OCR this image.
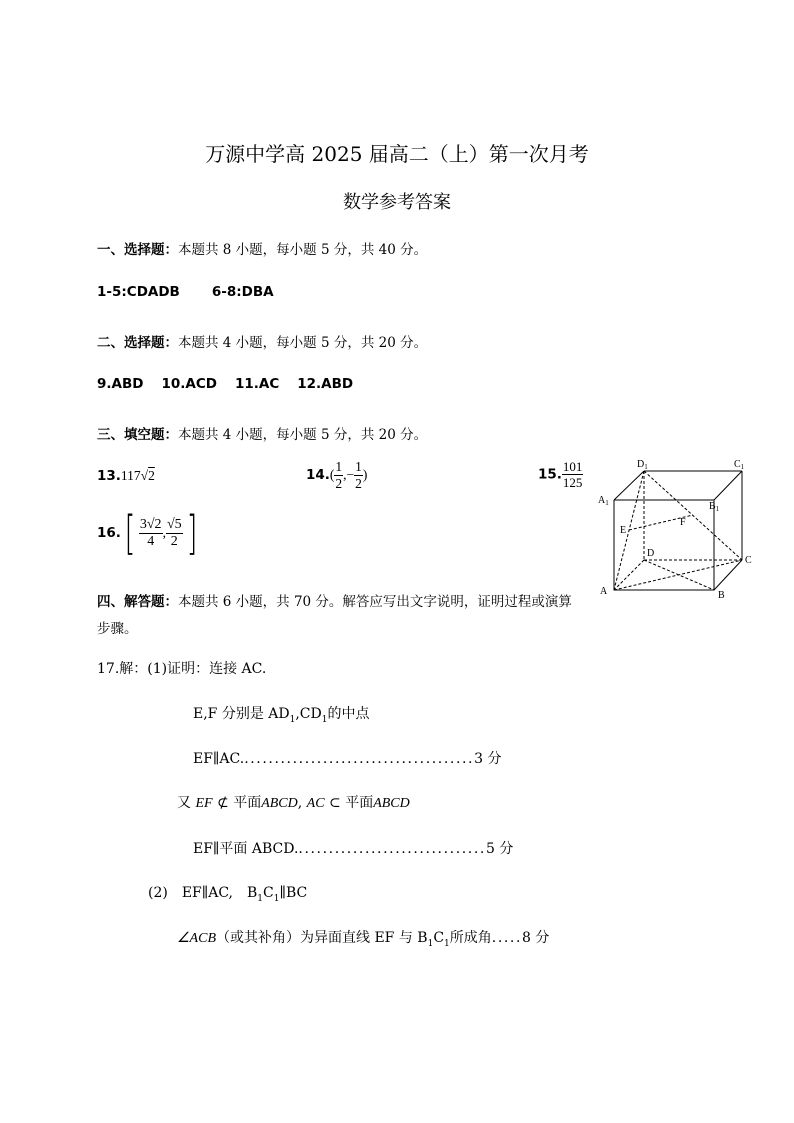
万源中学高 2025 届高二（上）第一次月考
数学参考答案
一、选择题：本题共 8 小题，每小题 5 分，共 40 分。
1-5:CDADB 6-8:DBA
二、选择题：本题共 4 小题，每小题 5 分，共 20 分。
9.ABD 10.ACD 11.AC 12.ABD
三、填空题：本题共 4 小题，每小题 5 分，共 20 分。
13.117√2	$14.( \frac{1}{2}$ ,− $\frac{1}{2}$ )	15. $\frac{101}{125}$
$16.[ \frac{3√2}{4}$ , $\frac{√5}{2}$ ]
四、解答题：本题共 6 小题，共 70 分。解答应写出文字说明，证明过程或演算
步骤。
A	B
C
D
$A_1$	$B_1$
$C_1$
$D_1$
E
F
17.解：(1)证明：连接 AC.
E,F 分别是 $AD_1,CD_1$的中点
EF∥AC.......................................3 分
又 EF ⊄ 平面ABCD, AC ⊂ 平面ABCD
EF∥平面 ABCD................................5 分
(2)　EF∥AC,　$B_1C_1\parallel BC$
∠ACB（或其补角）为异面直线 EF 与 $B_1C_1$所成角.....8 分
